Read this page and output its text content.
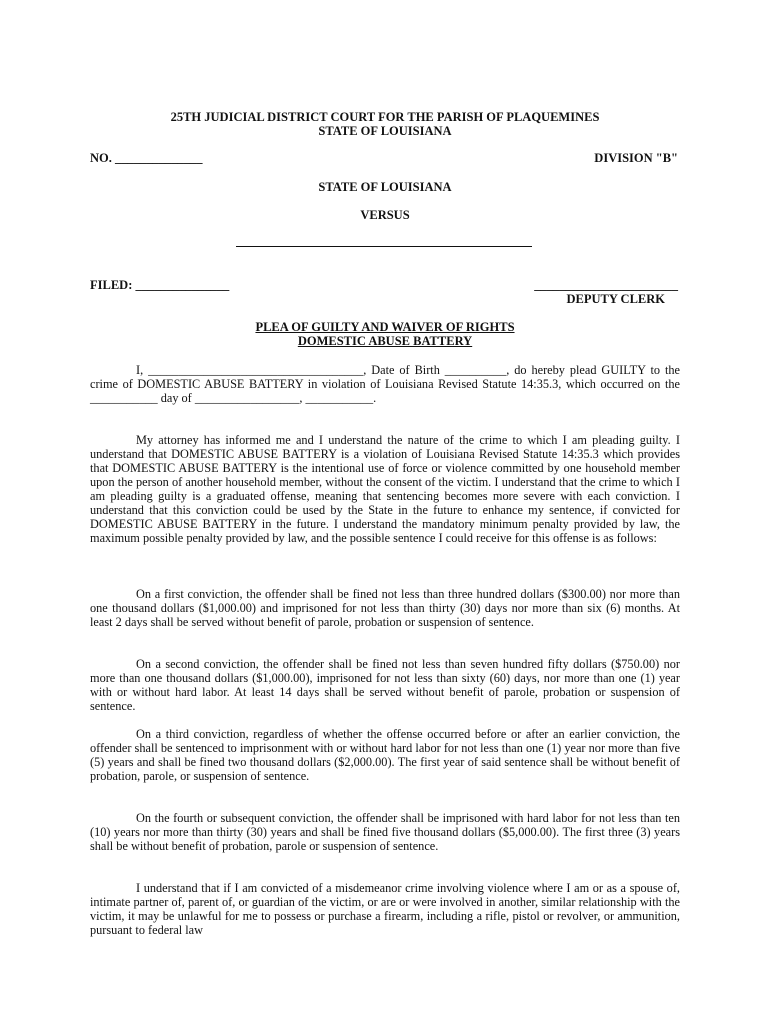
25TH JUDICIAL DISTRICT COURT FOR THE PARISH OF PLAQUEMINES
STATE OF LOUISIANA
NO. ______________	DIVISION "B"
STATE OF LOUISIANA
VERSUS
FILED: _______________	_______________________
DEPUTY CLERK
PLEA OF GUILTY AND WAIVER OF RIGHTS
DOMESTIC ABUSE BATTERY
I, ___________________________________, Date of Birth __________, do hereby plead GUILTY to the crime of DOMESTIC ABUSE BATTERY in violation of Louisiana Revised Statute 14:35.3, which occurred on the ___________ day of _________________, ___________.
My attorney has informed me and I understand the nature of the crime to which I am pleading guilty. I understand that DOMESTIC ABUSE BATTERY is a violation of Louisiana Revised Statute 14:35.3 which provides that DOMESTIC ABUSE BATTERY is the intentional use of force or violence committed by one household member upon the person of another household member, without the consent of the victim. I understand that the crime to which I am pleading guilty is a graduated offense, meaning that sentencing becomes more severe with each conviction. I understand that this conviction could be used by the State in the future to enhance my sentence, if convicted for DOMESTIC ABUSE BATTERY in the future. I understand the mandatory minimum penalty provided by law, the maximum possible penalty provided by law, and the possible sentence I could receive for this offense is as follows:
On a first conviction, the offender shall be fined not less than three hundred dollars ($300.00) nor more than one thousand dollars ($1,000.00) and imprisoned for not less than thirty (30) days nor more than six (6) months. At least 2 days shall be served without benefit of parole, probation or suspension of sentence.
On a second conviction, the offender shall be fined not less than seven hundred fifty dollars ($750.00) nor more than one thousand dollars ($1,000.00), imprisoned for not less than sixty (60) days, nor more than one (1) year with or without hard labor. At least 14 days shall be served without benefit of parole, probation or suspension of sentence.
On a third conviction, regardless of whether the offense occurred before or after an earlier conviction, the offender shall be sentenced to imprisonment with or without hard labor for not less than one (1) year nor more than five (5) years and shall be fined two thousand dollars ($2,000.00). The first year of said sentence shall be without benefit of probation, parole, or suspension of sentence.
On the fourth or subsequent conviction, the offender shall be imprisoned with hard labor for not less than ten (10) years nor more than thirty (30) years and shall be fined five thousand dollars ($5,000.00). The first three (3) years shall be without benefit of probation, parole or suspension of sentence.
I understand that if I am convicted of a misdemeanor crime involving violence where I am or as a spouse of, intimate partner of, parent of, or guardian of the victim, or are or were involved in another, similar relationship with the victim, it may be unlawful for me to possess or purchase a firearm, including a rifle, pistol or revolver, or ammunition, pursuant to federal law
